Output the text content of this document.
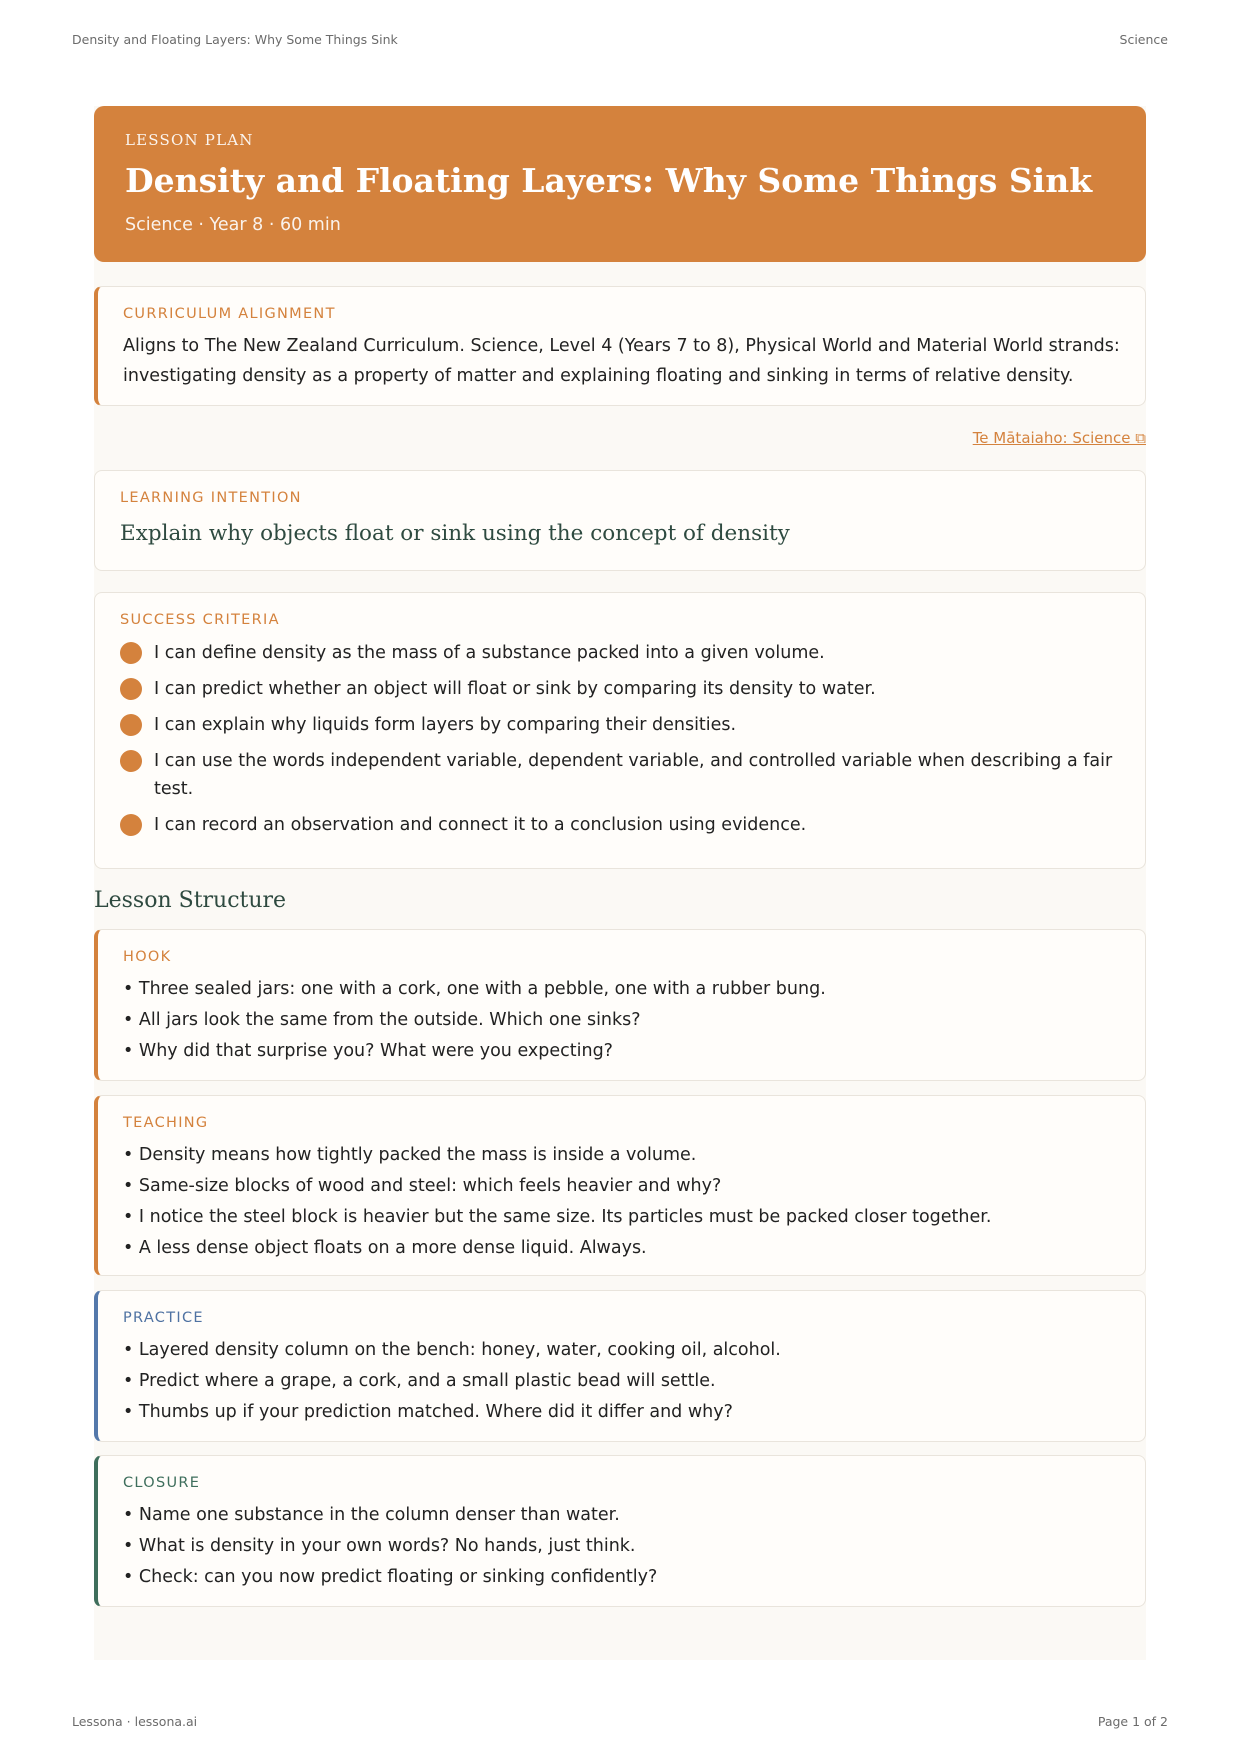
Density and Floating Layers: Why Some Things Sink	Science
LESSON PLAN
Density and Floating Layers: Why Some Things Sink
Science · Year 8 · 60 min
CURRICULUM ALIGNMENT
Aligns to The New Zealand Curriculum. Science, Level 4 (Years 7 to 8), Physical World and Material World strands: investigating density as a property of matter and explaining floating and sinking in terms of relative density.
Te Mātaiaho: Science ⧉
LEARNING INTENTION
Explain why objects float or sink using the concept of density
SUCCESS CRITERIA
I can define density as the mass of a substance packed into a given volume.
I can predict whether an object will float or sink by comparing its density to water.
I can explain why liquids form layers by comparing their densities.
I can use the words independent variable, dependent variable, and controlled variable when describing a fair test.
I can record an observation and connect it to a conclusion using evidence.
Lesson Structure
HOOK
• Three sealed jars: one with a cork, one with a pebble, one with a rubber bung.
• All jars look the same from the outside. Which one sinks?
• Why did that surprise you? What were you expecting?
TEACHING
• Density means how tightly packed the mass is inside a volume.
• Same-size blocks of wood and steel: which feels heavier and why?
• I notice the steel block is heavier but the same size. Its particles must be packed closer together.
• A less dense object floats on a more dense liquid. Always.
PRACTICE
• Layered density column on the bench: honey, water, cooking oil, alcohol.
• Predict where a grape, a cork, and a small plastic bead will settle.
• Thumbs up if your prediction matched. Where did it differ and why?
CLOSURE
• Name one substance in the column denser than water.
• What is density in your own words? No hands, just think.
• Check: can you now predict floating or sinking confidently?
Lessona · lessona.ai	Page 1 of 2
